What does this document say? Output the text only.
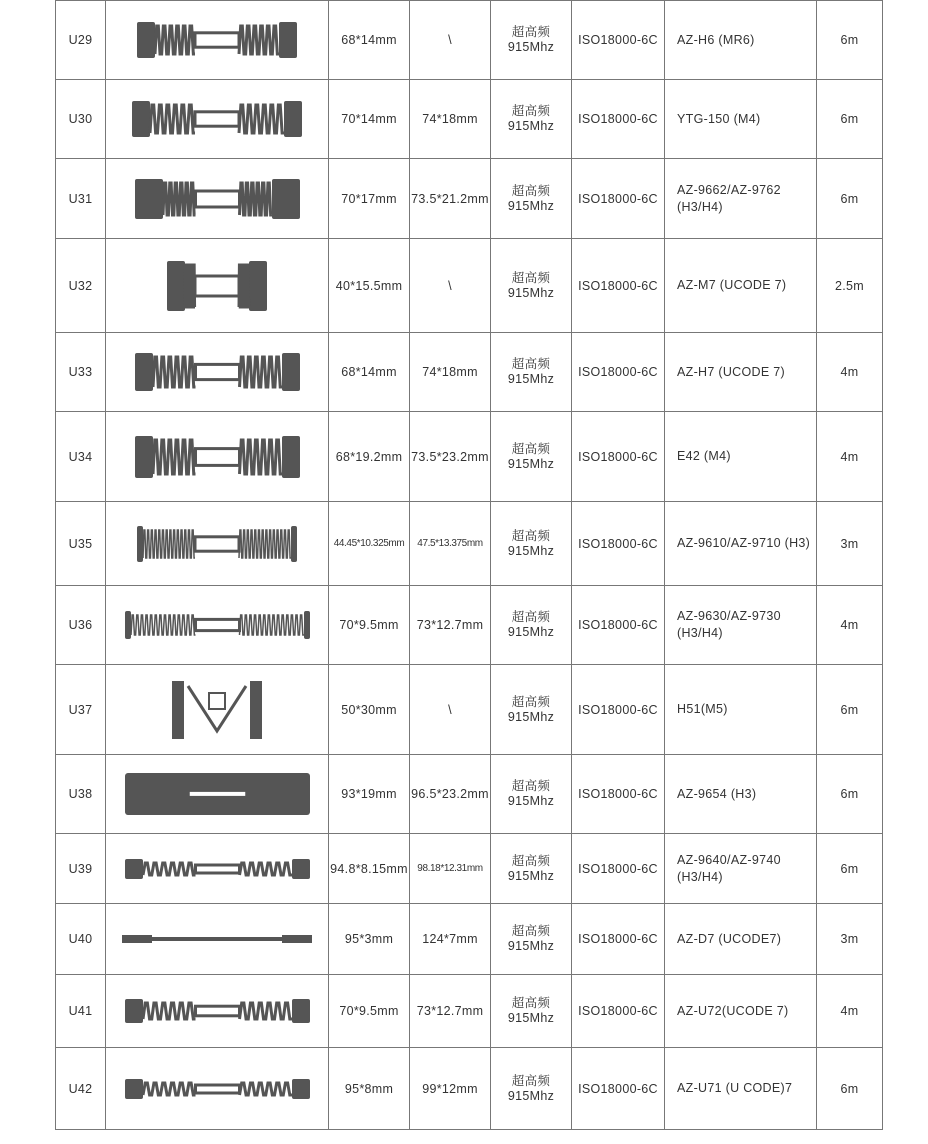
U29		68*14mm	\	超高频
915Mhz	ISO18000-6C	AZ-H6 (MR6)	6m
U30		70*14mm	74*18mm	超高频
915Mhz	ISO18000-6C	YTG-150 (M4)	6m
U31		70*17mm	73.5*21.2mm	超高频
915Mhz	ISO18000-6C	AZ-9662/AZ-9762 (H3/H4)	6m
U32		40*15.5mm	\	超高频
915Mhz	ISO18000-6C	AZ-M7 (UCODE 7)	2.5m
U33		68*14mm	74*18mm	超高频
915Mhz	ISO18000-6C	AZ-H7 (UCODE 7)	4m
U34		68*19.2mm	73.5*23.2mm	超高频
915Mhz	ISO18000-6C	E42 (M4)	4m
U35		44.45*10.325mm	47.5*13.375mm	超高频
915Mhz	ISO18000-6C	AZ-9610/AZ-9710 (H3)	3m
U36		70*9.5mm	73*12.7mm	超高频
915Mhz	ISO18000-6C	AZ-9630/AZ-9730 (H3/H4)	4m
U37		50*30mm	\	超高频
915Mhz	ISO18000-6C	H51(M5)	6m
U38		93*19mm	96.5*23.2mm	超高频
915Mhz	ISO18000-6C	AZ-9654 (H3)	6m
U39		94.8*8.15mm	98.18*12.31mm	超高频
915Mhz	ISO18000-6C	AZ-9640/AZ-9740 (H3/H4)	6m
U40		95*3mm	124*7mm	超高频
915Mhz	ISO18000-6C	AZ-D7 (UCODE7)	3m
U41		70*9.5mm	73*12.7mm	超高频
915Mhz	ISO18000-6C	AZ-U72(UCODE 7)	4m
U42		95*8mm	99*12mm	超高频
915Mhz	ISO18000-6C	AZ-U71 (U CODE)7	6m
